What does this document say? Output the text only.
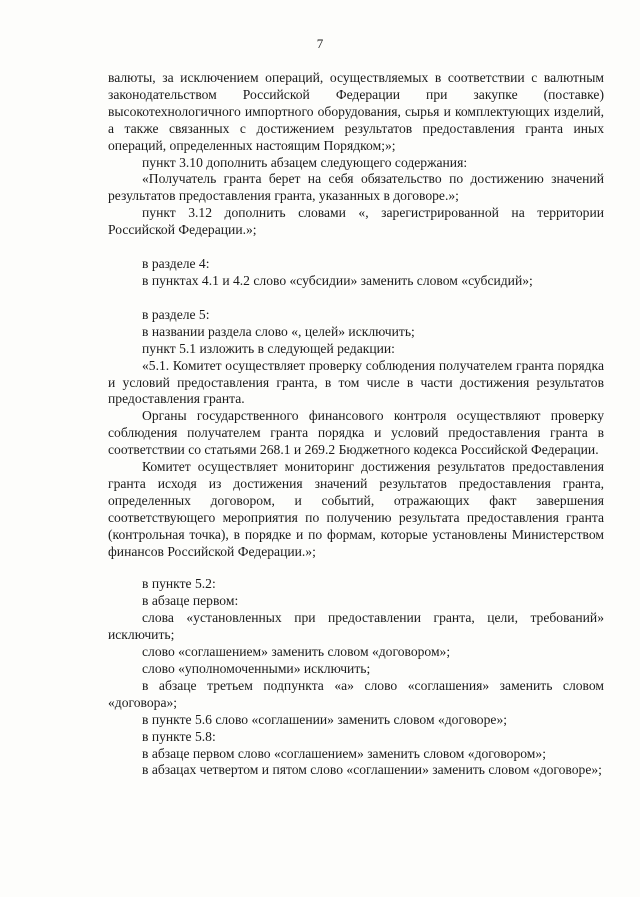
7

валюты, за исключением операций, осуществляемых в соответствии с валютным законодательством Российской Федерации при закупке (поставке) высокотехнологичного импортного оборудования, сырья и комплектующих изделий, а также связанных с достижением результатов предоставления гранта иных операций, определенных настоящим Порядком;»;

пункт 3.10 дополнить абзацем следующего содержания:

«Получатель гранта берет на себя обязательство по достижению значений результатов предоставления гранта, указанных в договоре.»;

пункт 3.12 дополнить словами «, зарегистрированной на территории Российской Федерации.»;

в разделе 4:

в пунктах 4.1 и 4.2 слово «субсидии» заменить словом «субсидий»;

в разделе 5:

в названии раздела слово «, целей» исключить;

пункт 5.1 изложить в следующей редакции:

«5.1. Комитет осуществляет проверку соблюдения получателем гранта порядка и условий предоставления гранта, в том числе в части достижения результатов предоставления гранта.

Органы государственного финансового контроля осуществляют проверку соблюдения получателем гранта порядка и условий предоставления гранта в соответствии со статьями 268.1 и 269.2 Бюджетного кодекса Российской Федерации.

Комитет осуществляет мониторинг достижения результатов предоставления гранта исходя из достижения значений результатов предоставления гранта, определенных договором, и событий, отражающих факт завершения соответствующего мероприятия по получению результата предоставления гранта (контрольная точка), в порядке и по формам, которые установлены Министерством финансов Российской Федерации.»;

в пункте 5.2:

в абзаце первом:

слова «установленных при предоставлении гранта, цели, требований» исключить;

слово «соглашением» заменить словом «договором»;

слово «уполномоченными» исключить;

в абзаце третьем подпункта «а» слово «соглашения» заменить словом «договора»;

в пункте 5.6 слово «соглашении» заменить словом «договоре»;

в пункте 5.8:

в абзаце первом слово «соглашением» заменить словом «договором»;

в абзацах четвертом и пятом слово «соглашении» заменить словом «договоре»;
